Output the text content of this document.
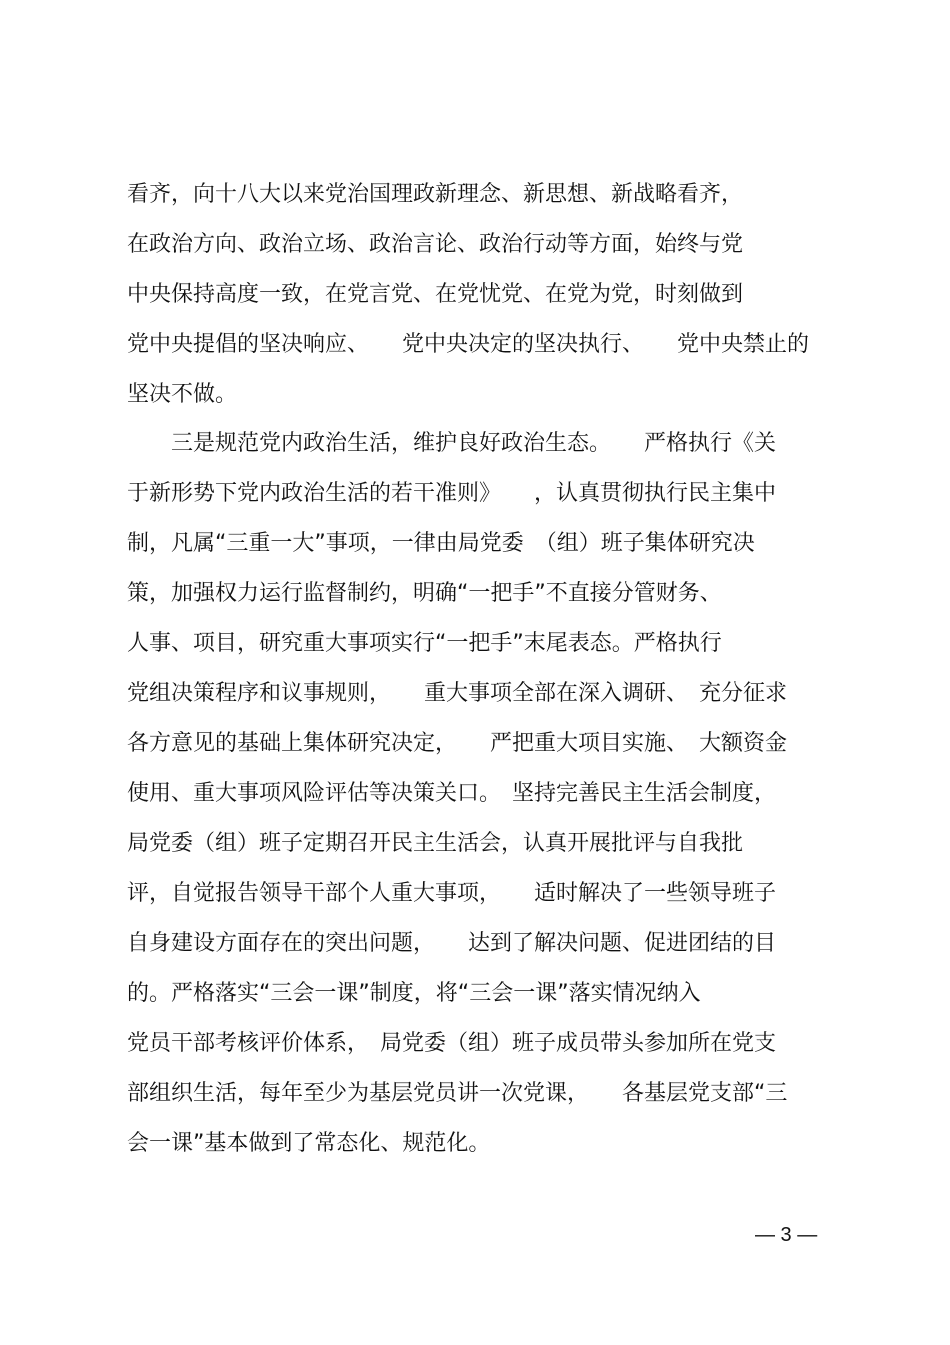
看齐，向十八大以来党治国理政新理念、新思想、新战略看齐，
在政治方向、政治立场、政治言论、政治行动等方面，始终与党
中央保持高度一致，在党言党、在党忧党、在党为党，时刻做到
党中央提倡的坚决响应、　　党中央决定的坚决执行、　　党中央禁止的
坚决不做。
　　三是规范党内政治生活，维护良好政治生态。　　严格执行《关
于新形势下党内政治生活的若干准则》　　，认真贯彻执行民主集中
制，凡属“三重一大”事项，一律由局党委　（组）班子集体研究决
策，加强权力运行监督制约，明确“一把手”不直接分管财务、
人事、项目，研究重大事项实行“一把手”末尾表态。严格执行
党组决策程序和议事规则，　　重大事项全部在深入调研、　充分征求
各方意见的基础上集体研究决定，　　严把重大项目实施、　大额资金
使用、重大事项风险评估等决策关口。　坚持完善民主生活会制度，
局党委（组）班子定期召开民主生活会，认真开展批评与自我批
评，自觉报告领导干部个人重大事项，　　适时解决了一些领导班子
自身建设方面存在的突出问题，　　达到了解决问题、促进团结的目
的。严格落实“三会一课”制度，将“三会一课”落实情况纳入
党员干部考核评价体系，　局党委（组）班子成员带头参加所在党支
部组织生活，每年至少为基层党员讲一次党课，　　各基层党支部“三
会一课”基本做到了常态化、规范化。
— 3 —
